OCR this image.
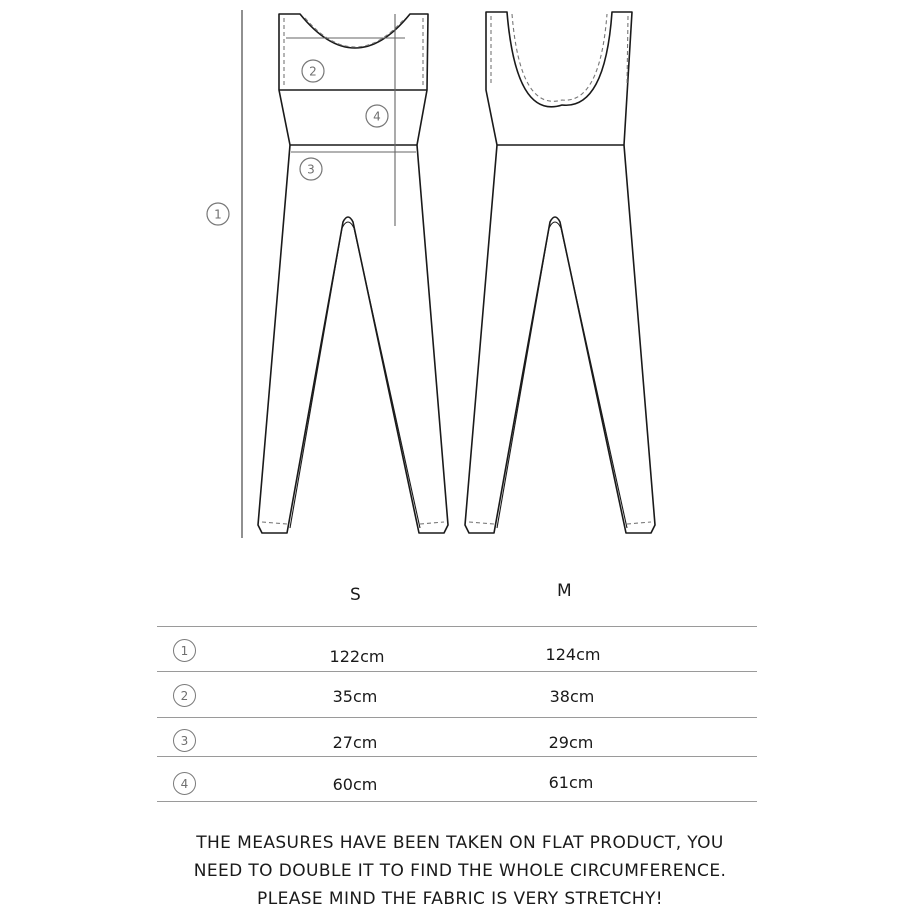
1
2
3
4
S	M
1	122cm	124cm
2	35cm	38cm
3	27cm	29cm
4	60cm	61cm
THE MEASURES HAVE BEEN TAKEN ON FLAT PRODUCT, YOU
NEED TO DOUBLE IT TO FIND THE WHOLE CIRCUMFERENCE.
PLEASE MIND THE FABRIC IS VERY STRETCHY!
